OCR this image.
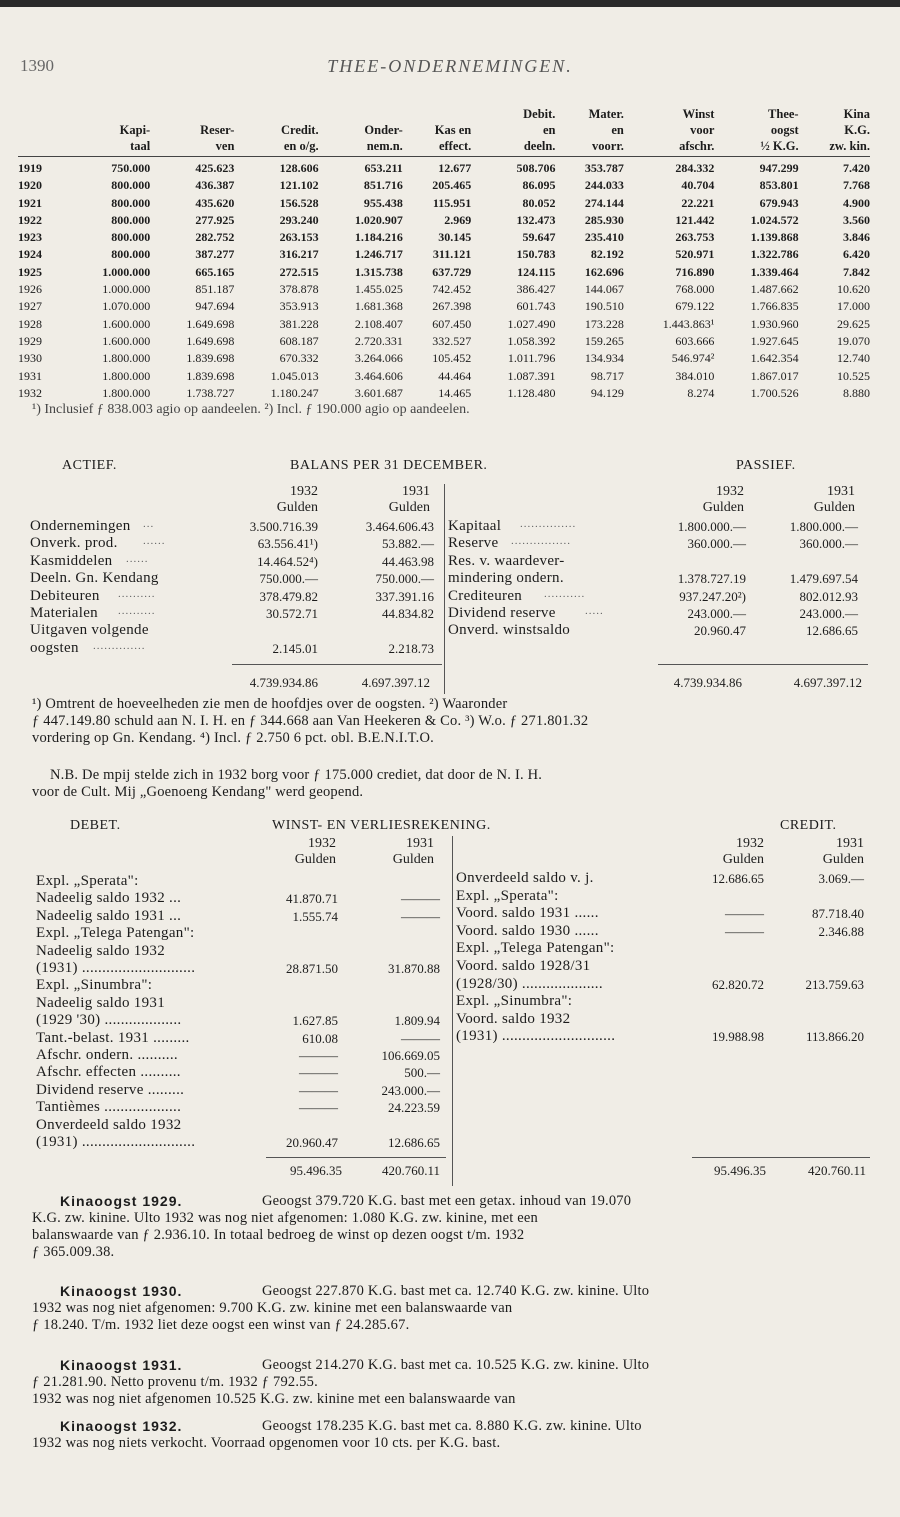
1390	THEE-ONDERNEMINGEN.
						Debit.	Mater.	Winst	Thee-	Kina
	Kapi-	Reser-	Credit.	Onder-	Kas en	en	en	voor	oogst	K.G.
	taal	ven	en o/g.	nem.n.	effect.	deeln.	voorr.	afschr.	½ K.G.	zw. kin.
1919	750.000	425.623	128.606	653.211	12.677	508.706	353.787	284.332	947.299	7.420
1920	800.000	436.387	121.102	851.716	205.465	86.095	244.033	40.704	853.801	7.768
1921	800.000	435.620	156.528	955.438	115.951	80.052	274.144	22.221	679.943	4.900
1922	800.000	277.925	293.240	1.020.907	2.969	132.473	285.930	121.442	1.024.572	3.560
1923	800.000	282.752	263.153	1.184.216	30.145	59.647	235.410	263.753	1.139.868	3.846
1924	800.000	387.277	316.217	1.246.717	311.121	150.783	82.192	520.971	1.322.786	6.420
1925	1.000.000	665.165	272.515	1.315.738	637.729	124.115	162.696	716.890	1.339.464	7.842
1926	1.000.000	851.187	378.878	1.455.025	742.452	386.427	144.067	768.000	1.487.662	10.620
1927	1.070.000	947.694	353.913	1.681.368	267.398	601.743	190.510	679.122	1.766.835	17.000
1928	1.600.000	1.649.698	381.228	2.108.407	607.450	1.027.490	173.228	1.443.863¹	1.930.960	29.625
1929	1.600.000	1.649.698	608.187	2.720.331	332.527	1.058.392	159.265	603.666	1.927.645	19.070
1930	1.800.000	1.839.698	670.332	3.264.066	105.452	1.011.796	134.934	546.974²	1.642.354	12.740
1931	1.800.000	1.839.698	1.045.013	3.464.606	44.464	1.087.391	98.717	384.010	1.867.017	10.525
1932	1.800.000	1.738.727	1.180.247	3.601.687	14.465	1.128.480	94.129	8.274	1.700.526	8.880
¹) Inclusief ƒ 838.003 agio op aandeelen. ²) Incl. ƒ 190.000 agio op aandeelen.
ACTIEF.	BALANS PER 31 DECEMBER.	PASSIEF.
1932
Gulden
1931
Gulden
1932
Gulden
1931
Gulden
Ondernemingen ...	3.500.716.39	3.464.606.43
Onverk. prod. ......	63.556.41¹)	53.882.—
Kasmiddelen ......	14.464.52⁴)	44.463.98
Deeln. Gn. Kendang	750.000.—	750.000.—
Debiteuren ..........	378.479.82	337.391.16
Materialen ..........	30.572.71	44.834.82
Uitgaven volgende
oogsten ..............	2.145.01	2.218.73
Kapitaal ...............	1.800.000.—	1.800.000.—
Reserve ................	360.000.—	360.000.—
Res. v. waardever-
mindering ondern.	1.378.727.19	1.479.697.54
Crediteuren ...........	937.247.20²)	802.012.93
Dividend reserve	.....	243.000.—	243.000.—
Onverd. winstsaldo	20.960.47	12.686.65
4.739.934.86	4.697.397.12	4.739.934.86	4.697.397.12
¹) Omtrent de hoeveelheden zie men de hoofdjes over de oogsten. ²) Waaronder
ƒ 447.149.80 schuld aan N. I. H. en ƒ 344.668 aan Van Heekeren & Co. ³) W.o. ƒ 271.801.32
vordering op Gn. Kendang. ⁴) Incl. ƒ 2.750 6 pct. obl. B.E.N.I.T.O.
N.B. De mpij stelde zich in 1932 borg voor ƒ 175.000 crediet, dat door de N. I. H.
voor de Cult. Mij „Goenoeng Kendang" werd geopend.
DEBET.	WINST- EN VERLIESREKENING.	CREDIT.
1932
Gulden
1931
Gulden
1932
Gulden
1931
Gulden
Expl. „Sperata":
Nadeelig saldo 1932 ...	41.870.71	———
Nadeelig saldo 1931 ...	1.555.74	———
Expl. „Telega Patengan":
Nadeelig saldo 1932
(1931) ............................	28.871.50	31.870.88
Expl. „Sinumbra":
Nadeelig saldo 1931
(1929 '30) ...................	1.627.85	1.809.94
Tant.-belast. 1931 .........	610.08	———
Afschr. ondern. ..........	———	106.669.05
Afschr. effecten ..........	———	500.—
Dividend reserve .........	———	243.000.—
Tantièmes ...................	———	24.223.59
Onverdeeld saldo 1932
(1931) ............................	20.960.47	12.686.65
Onverdeeld saldo v. j.	12.686.65	3.069.—
Expl. „Sperata":
Voord. saldo 1931 ......	———	87.718.40
Voord. saldo 1930 ......	———	2.346.88
Expl. „Telega Patengan":
Voord. saldo 1928/31
(1928/30) ....................	62.820.72	213.759.63
Expl. „Sinumbra":
Voord. saldo 1932
(1931) ............................	19.988.98	113.866.20
95.496.35	420.760.11	95.496.35	420.760.11
Kinaoogst 1929.	Geoogst 379.720 K.G. bast met een getax. inhoud van 19.070
K.G. zw. kinine. Ulto 1932 was nog niet afgenomen: 1.080 K.G. zw. kinine, met een
balanswaarde van ƒ 2.936.10. In totaal bedroeg de winst op dezen oogst t/m. 1932
ƒ 365.009.38.
Kinaoogst 1930.	Geoogst 227.870 K.G. bast met ca. 12.740 K.G. zw. kinine. Ulto
1932 was nog niet afgenomen: 9.700 K.G. zw. kinine met een balanswaarde van
ƒ 18.240. T/m. 1932 liet deze oogst een winst van ƒ 24.285.67.
Kinaoogst 1931.	Geoogst 214.270 K.G. bast met ca. 10.525 K.G. zw. kinine. Ulto
ƒ 21.281.90. Netto provenu t/m. 1932 ƒ 792.55.
1932 was nog niet afgenomen 10.525 K.G. zw. kinine met een balanswaarde van
Kinaoogst 1932.	Geoogst 178.235 K.G. bast met ca. 8.880 K.G. zw. kinine. Ulto
1932 was nog niets verkocht. Voorraad opgenomen voor 10 cts. per K.G. bast.
